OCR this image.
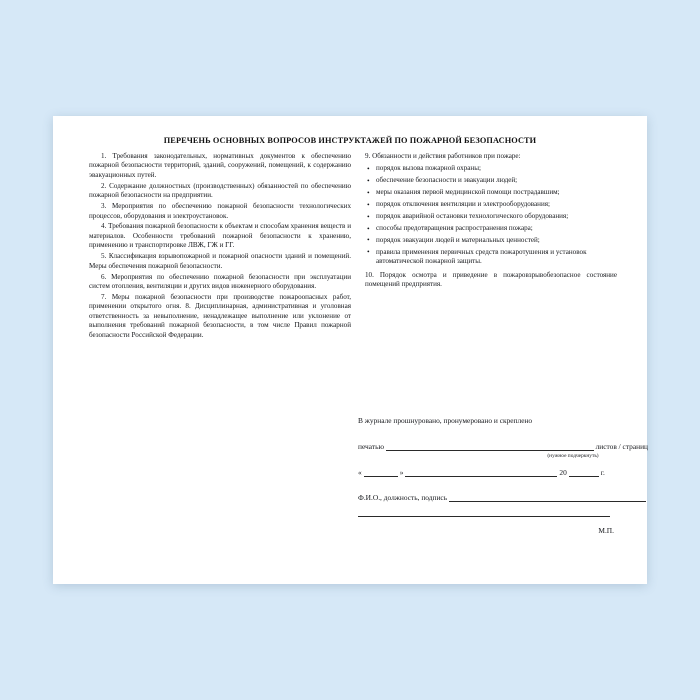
ПЕРЕЧЕНЬ ОСНОВНЫХ ВОПРОСОВ ИНСТРУКТАЖЕЙ ПО ПОЖАРНОЙ БЕЗОПАСНОСТИ
1. Требования законодательных, нормативных документов к обеспечению пожарной безопасности территорий, зданий, сооружений, помещений, к содержанию эвакуационных путей.
2. Содержание должностных (производственных) обязанностей по обеспечению пожарной безопасности на предприятии.
3. Мероприятия по обеспечению пожарной безопасности технологических процессов, оборудования и электроустановок.
4. Требования пожарной безопасности к объектам и способам хранения веществ и материалов. Особенности требований пожарной безопасности к хранению, применению и транспортировке ЛВЖ, ГЖ и ГГ.
5. Классификация взрывопожарной и пожарной опасности зданий и помещений. Меры обеспечения пожарной безопасности.
6. Мероприятия по обеспечению пожарной безопасности при эксплуатации систем отопления, вентиляции и других видов инженерного оборудования.
7. Меры пожарной безопасности при производстве пожароопасных работ, применении открытого огня. 8. Дисциплинарная, административная и уголовная ответственность за невыполнение, ненадлежащее выполнение или уклонение от выполнения требований пожарной безопасности, в том числе Правил пожарной безопасности Российской Федерации.
9. Обязанности и действия работников при пожаре:
• порядок вызова пожарной охраны;
• обеспечение безопасности и эвакуации людей;
• меры оказания первой медицинской помощи пострадавшим;
• порядок отключения вентиляции и электрооборудования;
• порядок аварийной остановки технологического оборудования;
• способы предотвращения распространения пожара;
• порядок эвакуации людей и материальных ценностей;
• правила применения первичных средств пожаротушения и установок автоматической пожарной защиты.
10. Порядок осмотра и приведение в пожаровзрывобезопасное состояние помещений предприятия.
В журнале прошнуровано, пронумеровано и скреплено
печатью	листов / страниц
(нужное подчеркнуть)
«	»	20	г.
Ф.И.О., должность, подпись
М.П.
